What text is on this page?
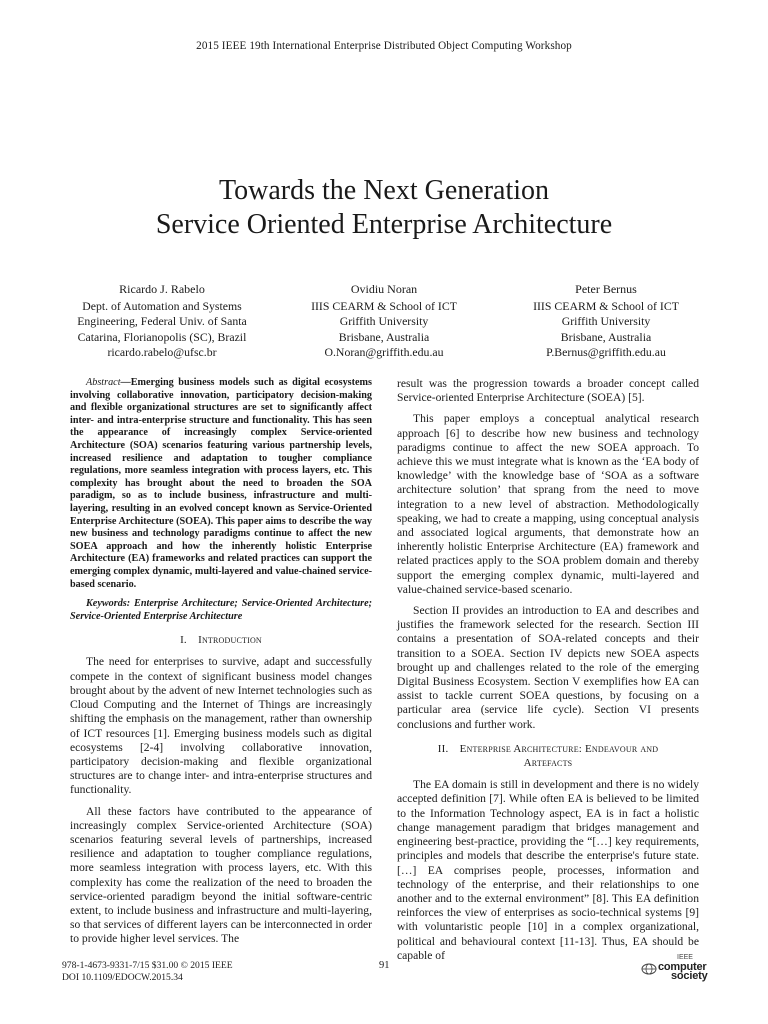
2015 IEEE 19th International Enterprise Distributed Object Computing Workshop
Towards the Next Generation
Service Oriented Enterprise Architecture
Ricardo J. Rabelo
Dept. of Automation and Systems
Engineering, Federal Univ. of Santa
Catarina, Florianopolis (SC), Brazil
ricardo.rabelo@ufsc.br
Ovidiu Noran
IIIS CEARM & School of ICT
Griffith University
Brisbane, Australia
O.Noran@griffith.edu.au
Peter Bernus
IIIS CEARM & School of ICT
Griffith University
Brisbane, Australia
P.Bernus@griffith.edu.au

Abstract—Emerging business models such as digital ecosystems involving collaborative innovation, participatory decision-making and flexible organizational structures are set to significantly affect inter- and intra-enterprise structure and functionality. This has seen the appearance of increasingly complex Service-oriented Architecture (SOA) scenarios featuring various partnership levels, increased resilience and adaptation to tougher compliance regulations, more seamless integration with process layers, etc. This complexity has brought about the need to broaden the SOA paradigm, so as to include business, infrastructure and multi-layering, resulting in an evolved concept known as Service-Oriented Enterprise Architecture (SOEA). This paper aims to describe the way new business and technology paradigms continue to affect the new SOEA approach and how the inherently holistic Enterprise Architecture (EA) frameworks and related practices can support the emerging complex dynamic, multi-layered and value-chained service-based scenario.

Keywords: Enterprise Architecture; Service-Oriented Architecture; Service-Oriented Enterprise Architecture

I. Introduction

The need for enterprises to survive, adapt and successfully compete in the context of significant business model changes brought about by the advent of new Internet technologies such as Cloud Computing and the Internet of Things are increasingly shifting the emphasis on the management, rather than ownership of ICT resources [1]. Emerging business models such as digital ecosystems [2-4] involving collaborative innovation, participatory decision-making and flexible organizational structures are to change inter- and intra-enterprise structures and functionality.

All these factors have contributed to the appearance of increasingly complex Service-oriented Architecture (SOA) scenarios featuring several levels of partnerships, increased resilience and adaptation to tougher compliance regulations, more seamless integration with process layers, etc. With this complexity has come the realization of the need to broaden the service-oriented paradigm beyond the initial software-centric extent, to include business and infrastructure and multi-layering, so that services of different layers can be interconnected in order to provide higher level services. The

result was the progression towards a broader concept called Service-oriented Enterprise Architecture (SOEA) [5].

This paper employs a conceptual analytical research approach [6] to describe how new business and technology paradigms continue to affect the new SOEA approach. To achieve this we must integrate what is known as the ‘EA body of knowledge’ with the knowledge base of ‘SOA as a software architecture solution’ that sprang from the need to move integration to a new level of abstraction. Methodologically speaking, we had to create a mapping, using conceptual analysis and associated logical arguments, that demonstrate how an inherently holistic Enterprise Architecture (EA) framework and related practices apply to the SOA problem domain and thereby support the emerging complex dynamic, multi-layered and value-chained service-based scenario.

Section II provides an introduction to EA and describes and justifies the framework selected for the research. Section III contains a presentation of SOA-related concepts and their transition to a SOEA. Section IV depicts new SOEA aspects brought up and challenges related to the role of the emerging Digital Business Ecosystem. Section V exemplifies how EA can assist to tackle current SOEA questions, by focusing on a particular area (service life cycle). Section VI presents conclusions and further work.

II. Enterprise Architecture: Endeavour and
Artefacts

The EA domain is still in development and there is no widely accepted definition [7]. While often EA is believed to be limited to the Information Technology aspect, EA is in fact a holistic change management paradigm that bridges management and engineering best-practice, providing the “[…] key requirements, principles and models that describe the enterprise's future state. […] EA comprises people, processes, information and technology of the enterprise, and their relationships to one another and to the external environment” [8]. This EA definition reinforces the view of enterprises as socio-technical systems [9] with voluntaristic people [10] in a complex organizational, political and behavioural context [11-13]. Thus, EA should be capable of

978-1-4673-9331-7/15 $31.00 © 2015 IEEE
DOI 10.1109/EDOCW.2015.34
91
IEEE
computer
society
